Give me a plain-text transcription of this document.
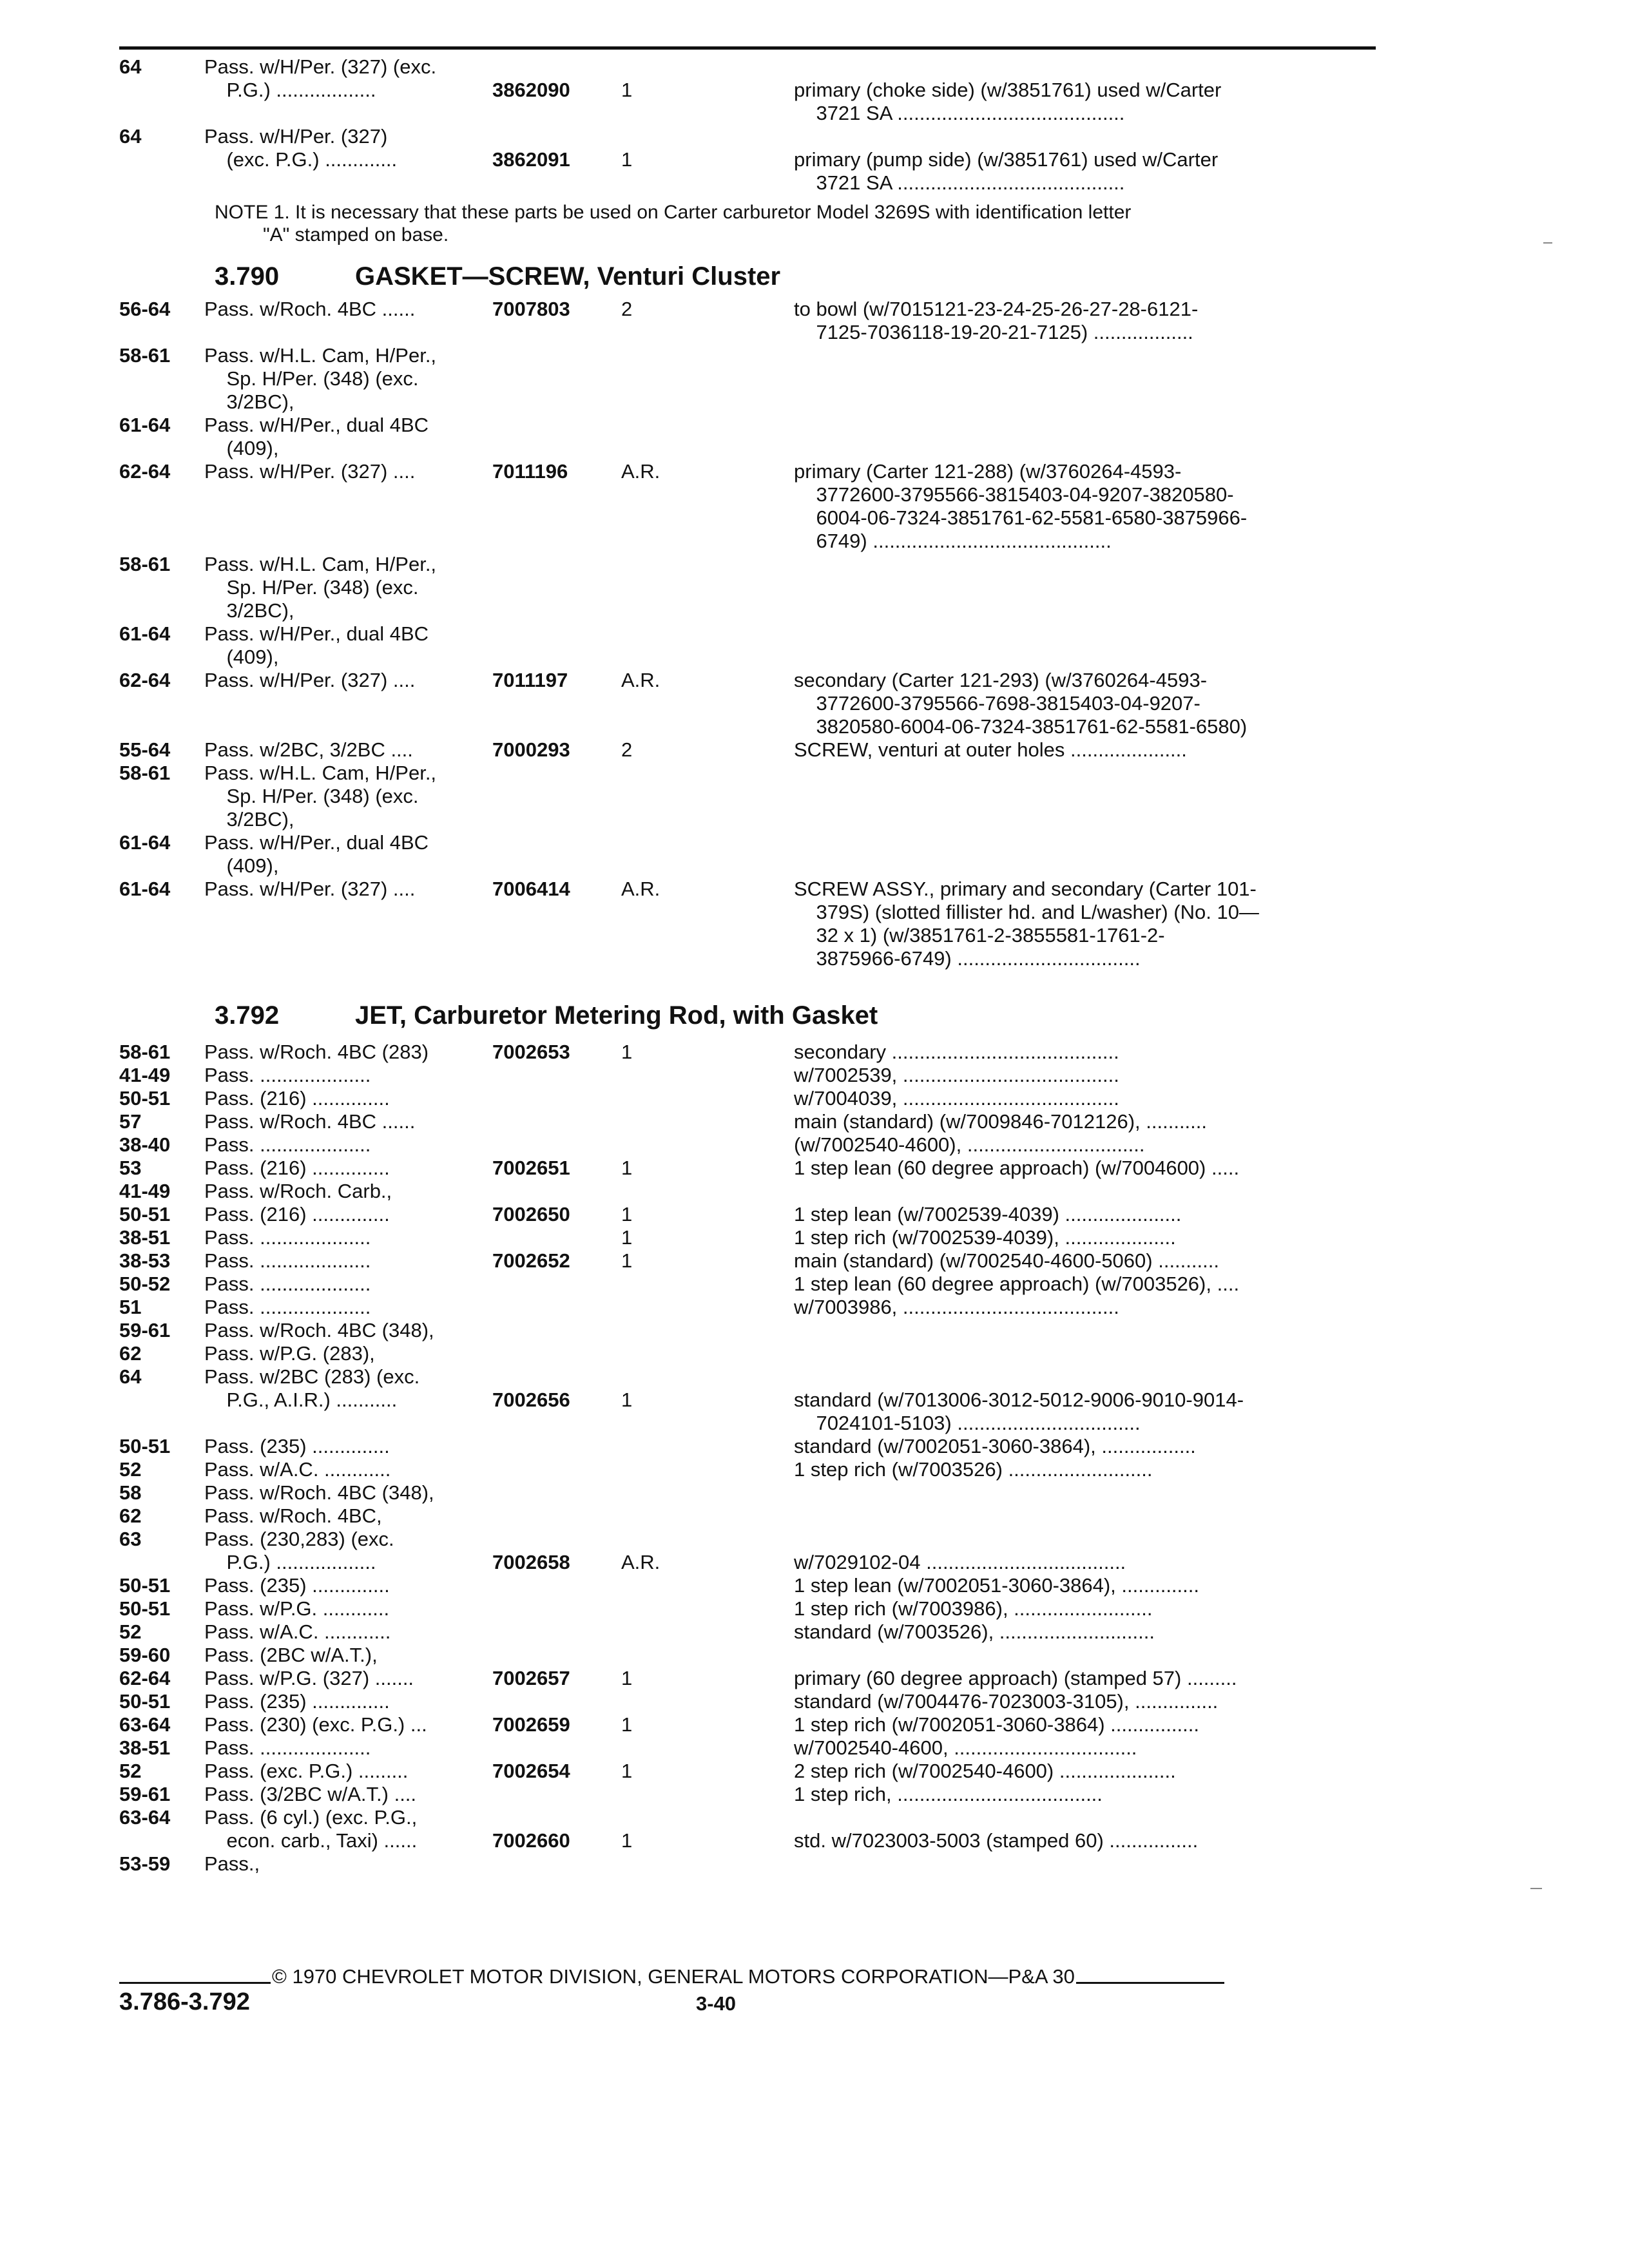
64	Pass. w/H/Per. (327) (exc.
P.G.) ..................	3862090	1	primary (choke side) (w/3851761) used w/Carter
3721 SA .........................................
64	Pass. w/H/Per. (327)
(exc. P.G.) .............	3862091	1	primary (pump side) (w/3851761) used w/Carter
3721 SA .........................................
NOTE 1. It is necessary that these parts be used on Carter carburetor Model 3269S with identification letter
"A" stamped on base.
3.790	GASKET—SCREW, Venturi Cluster
56-64	Pass. w/Roch. 4BC ......	7007803	2	to bowl (w/7015121-23-24-25-26-27-28-6121-
7125-7036118-19-20-21-7125) ..................
58-61	Pass. w/H.L. Cam, H/Per.,
Sp. H/Per. (348) (exc.
3/2BC),
61-64	Pass. w/H/Per., dual 4BC
(409),
62-64	Pass. w/H/Per. (327) ....	7011196	A.R.	primary (Carter 121-288) (w/3760264-4593-
3772600-3795566-3815403-04-9207-3820580-
6004-06-7324-3851761-62-5581-6580-3875966-
6749) ...........................................
58-61	Pass. w/H.L. Cam, H/Per.,
Sp. H/Per. (348) (exc.
3/2BC),
61-64	Pass. w/H/Per., dual 4BC
(409),
62-64	Pass. w/H/Per. (327) ....	7011197	A.R.	secondary (Carter 121-293) (w/3760264-4593-
3772600-3795566-7698-3815403-04-9207-
3820580-6004-06-7324-3851761-62-5581-6580)
55-64	Pass. w/2BC, 3/2BC ....	7000293	2	SCREW, venturi at outer holes .....................
58-61	Pass. w/H.L. Cam, H/Per.,
Sp. H/Per. (348) (exc.
3/2BC),
61-64	Pass. w/H/Per., dual 4BC
(409),
61-64	Pass. w/H/Per. (327) ....	7006414	A.R.	SCREW ASSY., primary and secondary (Carter 101-
379S) (slotted fillister hd. and L/washer) (No. 10—
32 x 1) (w/3851761-2-3855581-1761-2-
3875966-6749) .................................
3.792	JET, Carburetor Metering Rod, with Gasket
58-61	Pass. w/Roch. 4BC (283)	7002653	1	secondary .........................................
41-49	Pass. ....................	w/7002539, .......................................
50-51	Pass. (216) ..............	w/7004039, .......................................
57	Pass. w/Roch. 4BC ......	main (standard) (w/7009846-7012126), ...........
38-40	Pass. ....................	(w/7002540-4600), ................................
53	Pass. (216) ..............	7002651	1	1 step lean (60 degree approach) (w/7004600) .....
41-49	Pass. w/Roch. Carb.,
50-51	Pass. (216) ..............	7002650	1	1 step lean (w/7002539-4039) .....................
38-51	Pass. ....................	1	1 step rich (w/7002539-4039), ....................
38-53	Pass. ....................	7002652	1	main (standard) (w/7002540-4600-5060) ...........
50-52	Pass. ....................	1 step lean (60 degree approach) (w/7003526), ....
51	Pass. ....................	w/7003986, .......................................
59-61	Pass. w/Roch. 4BC (348),
62	Pass. w/P.G. (283),
64	Pass. w/2BC (283) (exc.
P.G., A.I.R.) ...........	7002656	1	standard (w/7013006-3012-5012-9006-9010-9014-
7024101-5103) .................................
50-51	Pass. (235) ..............	standard (w/7002051-3060-3864), .................
52	Pass. w/A.C. ............	1 step rich (w/7003526) ..........................
58	Pass. w/Roch. 4BC (348),
62	Pass. w/Roch. 4BC,
63	Pass. (230,283) (exc.
P.G.) ..................	7002658	A.R.	w/7029102-04 ....................................
50-51	Pass. (235) ..............	1 step lean (w/7002051-3060-3864), ..............
50-51	Pass. w/P.G. ............	1 step rich (w/7003986), .........................
52	Pass. w/A.C. ............	standard (w/7003526), ............................
59-60	Pass. (2BC w/A.T.),
62-64	Pass. w/P.G. (327) .......	7002657	1	primary (60 degree approach) (stamped 57) .........
50-51	Pass. (235) ..............	standard (w/7004476-7023003-3105), ...............
63-64	Pass. (230) (exc. P.G.) ...	7002659	1	1 step rich (w/7002051-3060-3864) ................
38-51	Pass. ....................	w/7002540-4600, .................................
52	Pass. (exc. P.G.) .........	7002654	1	2 step rich (w/7002540-4600) .....................
59-61	Pass. (3/2BC w/A.T.) ....	1 step rich, .....................................
63-64	Pass. (6 cyl.) (exc. P.G.,
econ. carb., Taxi) ......	7002660	1	std. w/7023003-5003 (stamped 60) ................
53-59	Pass.,
© 1970 CHEVROLET MOTOR DIVISION, GENERAL MOTORS CORPORATION—P&A 30
3.786-3.792	3-40
